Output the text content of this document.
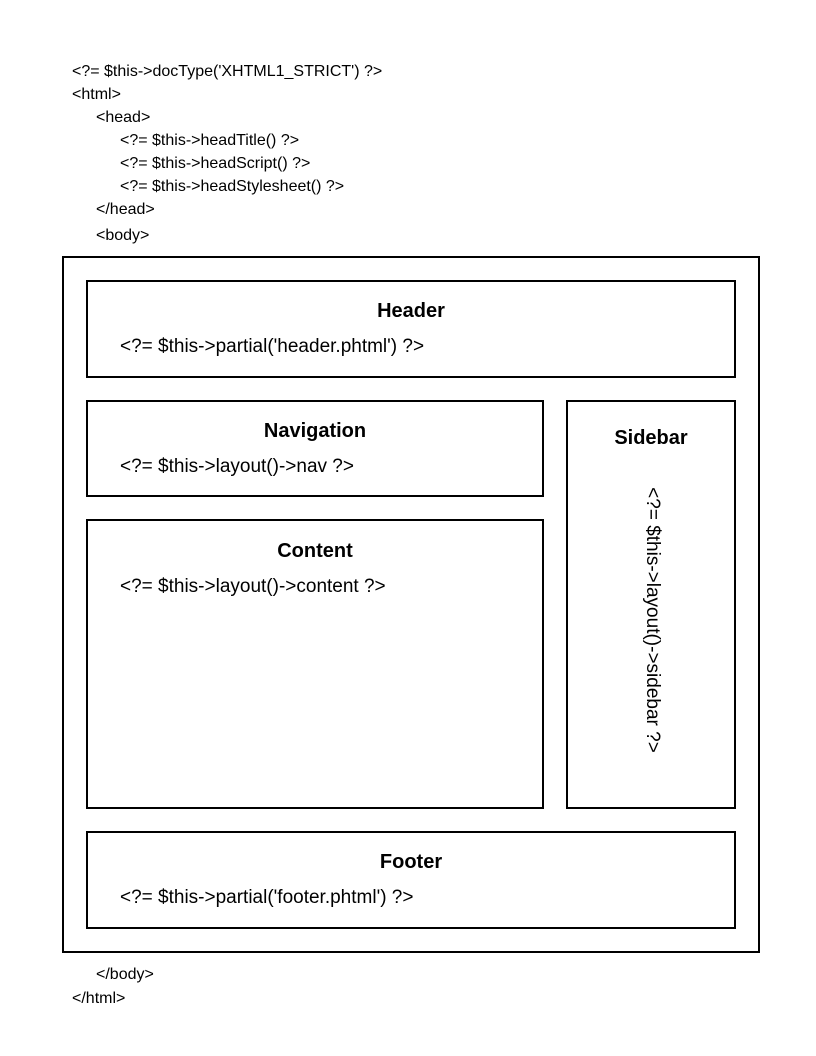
<?= $this->docType('XHTML1_STRICT') ?>
<html>
<head>
<?= $this->headTitle() ?>
<?= $this->headScript() ?>
<?= $this->headStylesheet() ?>
</head>
<body>
Header
<?= $this->partial('header.phtml') ?>
Navigation
<?= $this->layout()->nav ?>
Content
<?= $this->layout()->content ?>
Sidebar
<?= $this->layout()->sidebar ?>
Footer
<?= $this->partial('footer.phtml') ?>
</body>
</html>
